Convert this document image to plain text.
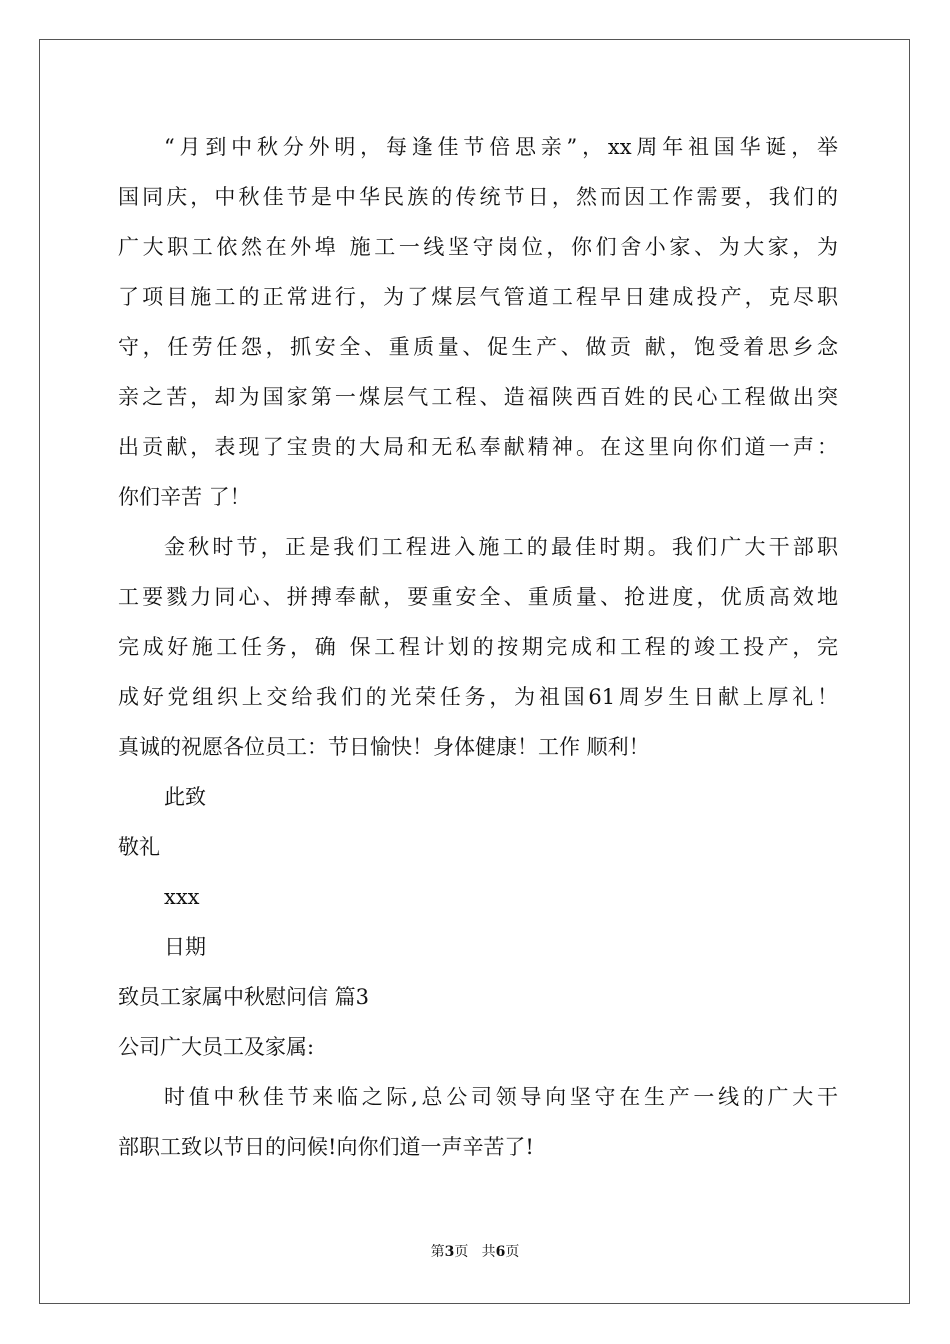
“月到中秋分外明，每逢佳节倍思亲”，xx周年祖国华诞，举
国同庆，中秋佳节是中华民族的传统节日，然而因工作需要，我们的
广大职工依然在外埠 施工一线坚守岗位，你们舍小家、为大家，为
了项目施工的正常进行，为了煤层气管道工程早日建成投产，克尽职
守，任劳任怨，抓安全、重质量、促生产、做贡 献，饱受着思乡念
亲之苦，却为国家第一煤层气工程、造福陕西百姓的民心工程做出突
出贡献，表现了宝贵的大局和无私奉献精神。在这里向你们道一声：
你们辛苦 了！
金秋时节，正是我们工程进入施工的最佳时期。我们广大干部职
工要戮力同心、拼搏奉献，要重安全、重质量、抢进度，优质高效地
完成好施工任务，确 保工程计划的按期完成和工程的竣工投产，完
成好党组织上交给我们的光荣任务，为祖国61周岁生日献上厚礼！
真诚的祝愿各位员工：节日愉快！身体健康！工作 顺利！
此致
敬礼
xxx
日期
致员工家属中秋慰问信 篇3
公司广大员工及家属:
时值中秋佳节来临之际,总公司领导向坚守在生产一线的广大干
部职工致以节日的问候!向你们道一声辛苦了!
第3页   共6页
